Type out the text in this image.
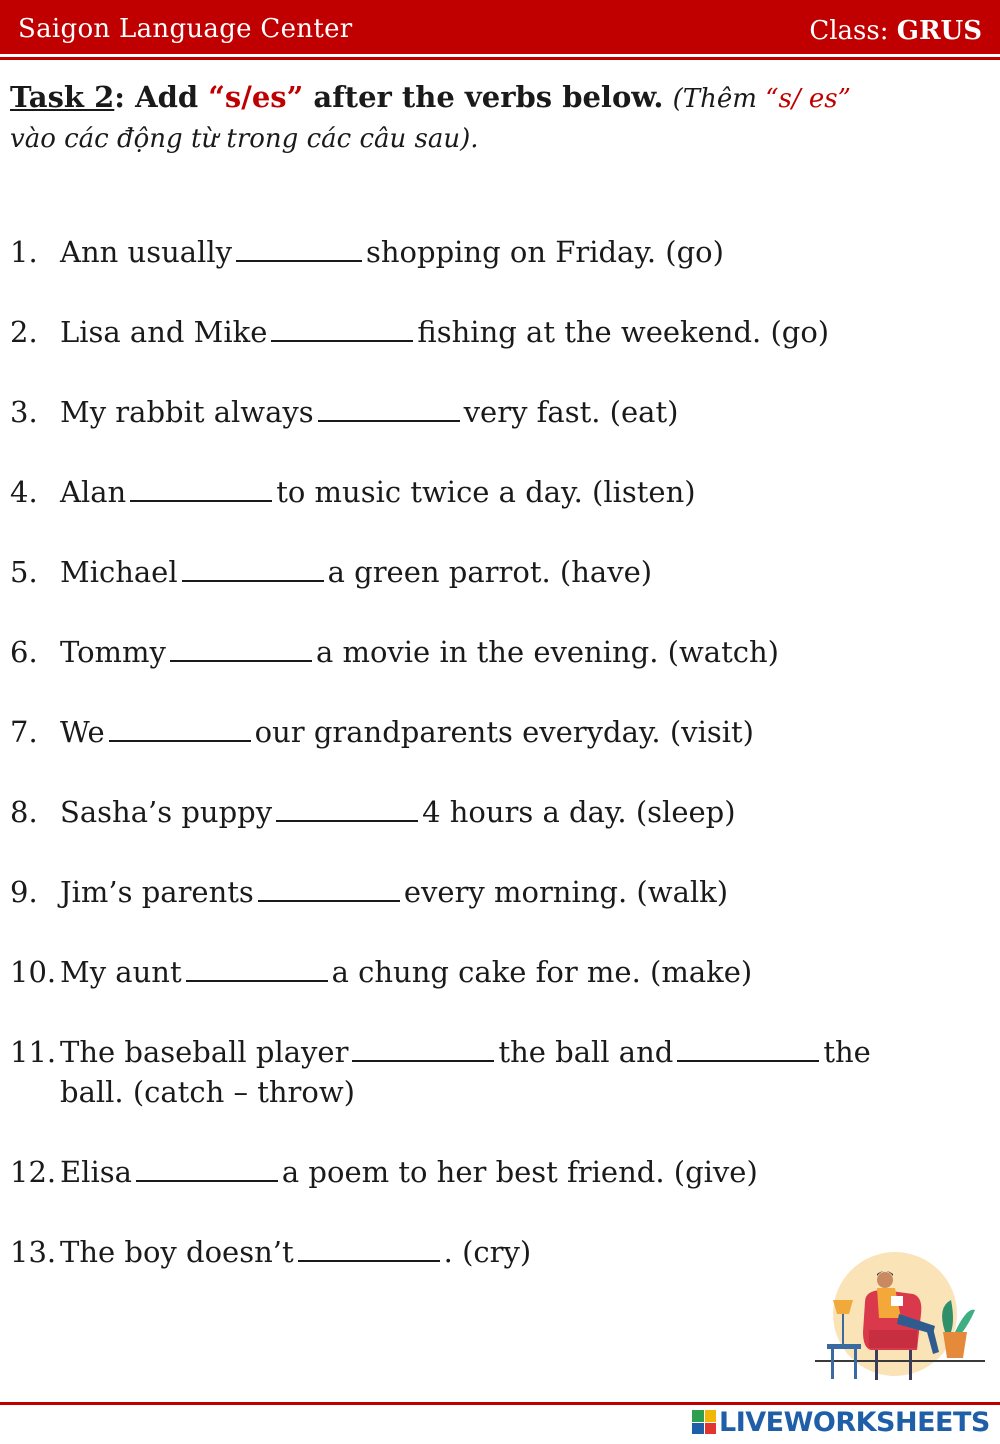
Saigon Language Center	Class: GRUS
Task 2: Add “s/es” after the verbs below. (Thêm “s/ es”
vào các động từ trong các câu sau).
1. Ann usually	shopping on Friday. (go)
2. Lisa and Mike	fishing at the weekend. (go)
3. My rabbit always	very fast. (eat)
4. Alan	to music twice a day. (listen)
5. Michael	a green parrot. (have)
6. Tommy	a movie in the evening. (watch)
7. We	our grandparents everyday. (visit)
8. Sasha’s puppy	4 hours a day. (sleep)
9. Jim’s parents	every morning. (walk)
10. My aunt	a chung cake for me. (make)
11. The baseball player	the ball and	the
ball. (catch – throw)
12. Elisa	a poem to her best friend. (give)
13. The boy doesn’t	. (cry)
LIVEWORKSHEETS
